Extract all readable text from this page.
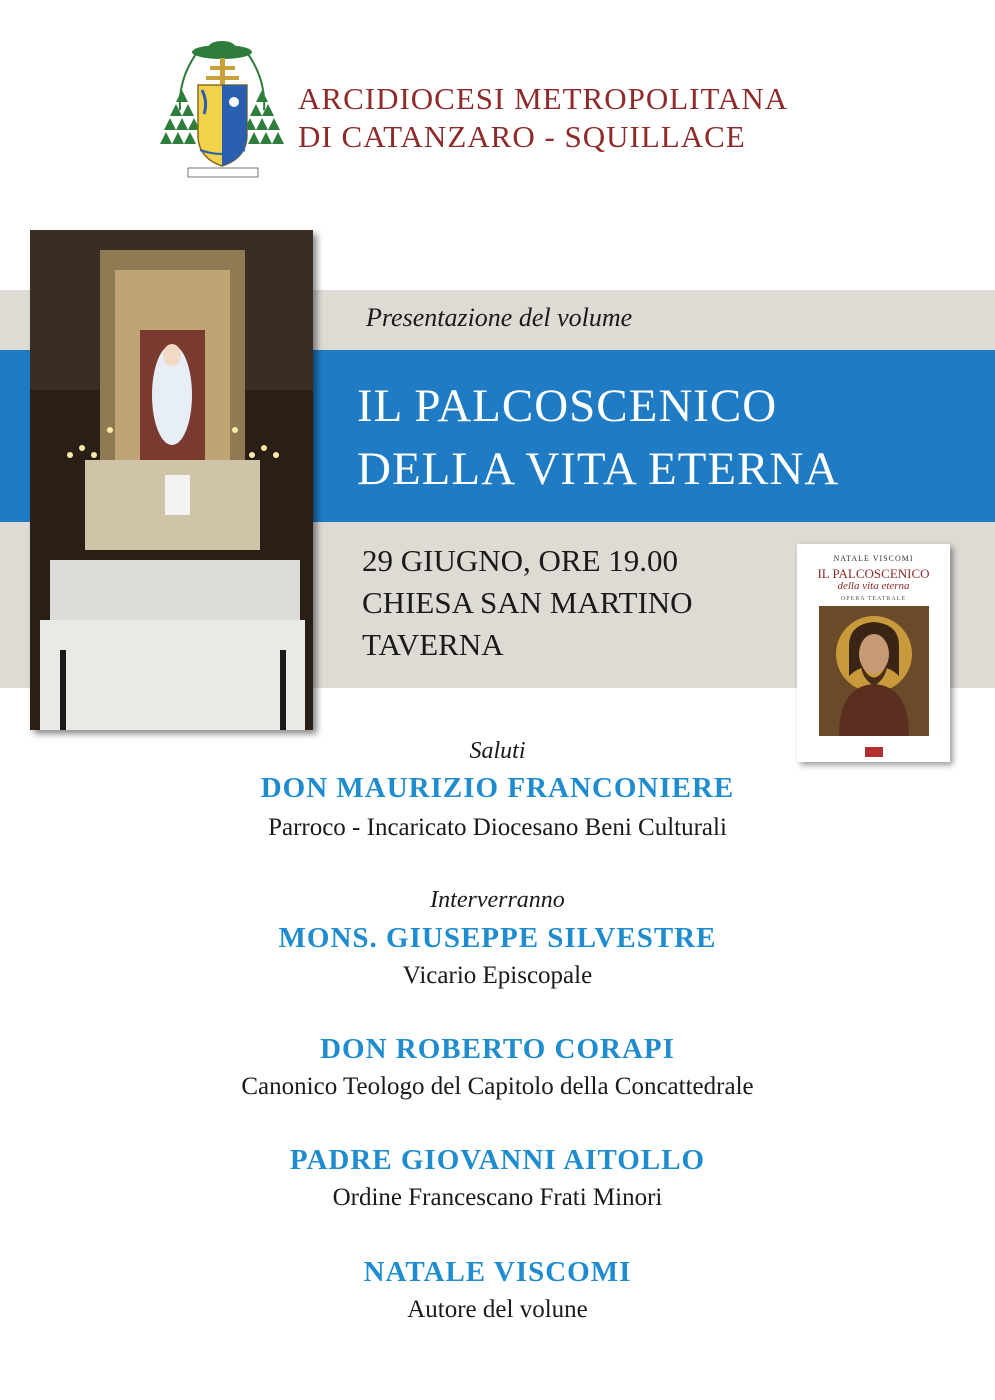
ARCIDIOCESI METROPOLITANA
DI CATANZARO - SQUILLACE
Presentazione del volume
IL PALCOSCENICO
DELLA VITA ETERNA
29 GIUGNO, ORE 19.00
CHIESA SAN MARTINO
TAVERNA
NATALE VISCOMI
IL PALCOSCENICO
della vita eterna
OPERA TEATRALE
Saluti
DON MAURIZIO FRANCONIERE
Parroco - Incaricato Diocesano Beni Culturali
Interverranno
MONS. GIUSEPPE SILVESTRE
Vicario Episcopale
DON ROBERTO CORAPI
Canonico Teologo del Capitolo della Concattedrale
PADRE GIOVANNI AITOLLO
Ordine Francescano Frati Minori
NATALE VISCOMI
Autore del volune
